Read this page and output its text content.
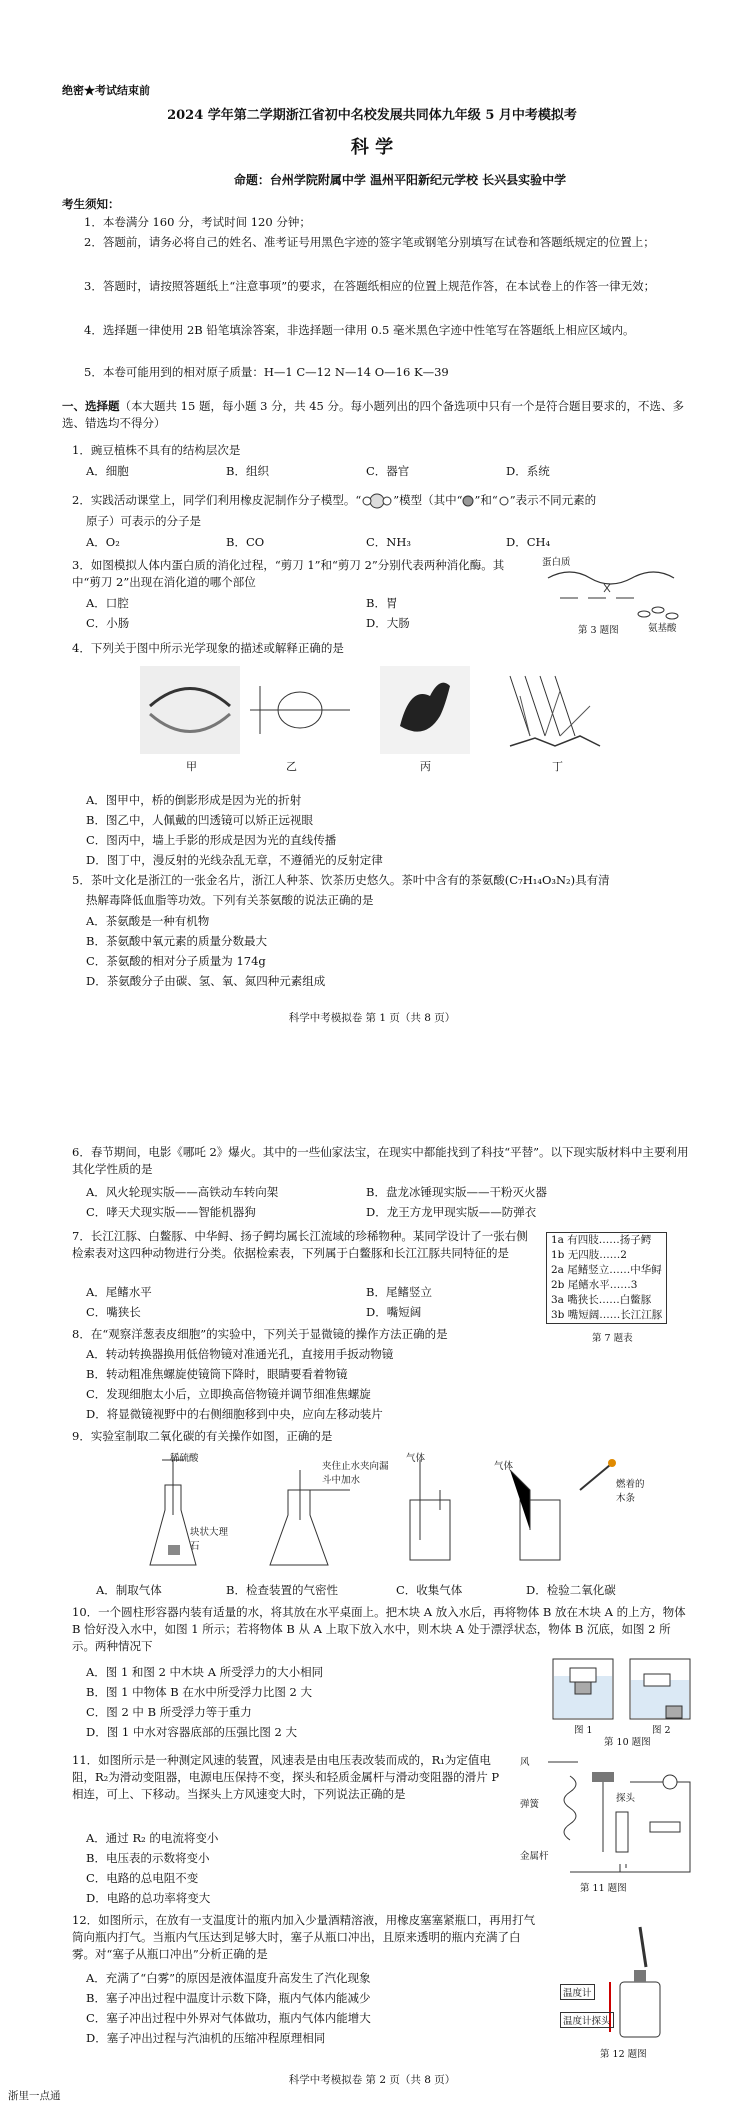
绝密★考试结束前
2024 学年第二学期浙江省初中名校发展共同体九年级 5 月中考模拟考
科 学
命题：台州学院附属中学 温州平阳新纪元学校 长兴县实验中学
考生须知：
1．本卷满分 160 分，考试时间 120 分钟；
2．答题前，请务必将自己的姓名、准考证号用黑色字迹的签字笔或钢笔分别填写在试卷和答题纸规定的位置上；
3．答题时，请按照答题纸上“注意事项”的要求，在答题纸相应的位置上规范作答，在本试卷上的作答一律无效；
4．选择题一律使用 2B 铅笔填涂答案，非选择题一律用 0.5 毫米黑色字迹中性笔写在答题纸上相应区域内。
5．本卷可能用到的相对原子质量：H—1 C—12 N—14 O—16 K—39
一、选择题（本大题共 15 题，每小题 3 分，共 45 分。每小题列出的四个备选项中只有一个是符合题目要求的，不选、多选、错选均不得分）
1．豌豆植株不具有的结构层次是
A．细胞	B．组织	C．器官	D．系统
2．实践活动课堂上，同学们利用橡皮泥制作分子模型。“	”模型（其中“ ”和“ ”表示不同元素的
原子）可表示的分子是
A．O₂	B．CO	C．NH₃	D．CH₄
3．如图模拟人体内蛋白质的消化过程，“剪刀 1”和“剪刀 2”分别代表两种消化酶。其中“剪刀 2”出现在消化道的哪个部位
A．口腔	B．胃
C．小肠	D．大肠
蛋白质
氨基酸
第 3 题图
4．下列关于图中所示光学现象的描述或解释正确的是
甲	乙	丙	丁
A．图甲中，桥的倒影形成是因为光的折射
B．图乙中，人佩戴的凹透镜可以矫正远视眼
C．图丙中，墙上手影的形成是因为光的直线传播
D．图丁中，漫反射的光线杂乱无章，不遵循光的反射定律
5．茶叶文化是浙江的一张金名片，浙江人种茶、饮茶历史悠久。茶叶中含有的茶氨酸(C₇H₁₄O₃N₂)具有清
热解毒降低血脂等功效。下列有关茶氨酸的说法正确的是
A．茶氨酸是一种有机物
B．茶氨酸中氧元素的质量分数最大
C．茶氨酸的相对分子质量为 174g
D．茶氨酸分子由碳、氢、氧、氮四种元素组成
科学中考模拟卷 第 1 页（共 8 页）
6．春节期间，电影《哪吒 2》爆火。其中的一些仙家法宝，在现实中都能找到了科技“平替”。以下现实版材料中主要利用其化学性质的是
A．风火轮现实版——高铁动车转向架	B．盘龙冰锤现实版——干粉灭火器
C．哮天犬现实版——智能机器狗	D．龙王方龙甲现实版——防弹衣
7．长江江豚、白鳖豚、中华鲟、扬子鳄均属长江流域的珍稀物种。某同学设计了一张右侧检索表对这四种动物进行分类。依据检索表，下列属于白鳖豚和长江江豚共同特征的是
A．尾鳍水平	B．尾鳍竖立
C．嘴狭长	D．嘴短阔
1a 有四肢……扬子鳄
1b 无四肢……2
2a 尾鳍竖立……中华鲟
2b 尾鳍水平……3
3a 嘴狭长……白鳖豚
3b 嘴短阔……长江江豚
第 7 题表
8．在“观察洋葱表皮细胞”的实验中，下列关于显微镜的操作方法正确的是
A．转动转换器换用低倍物镜对准通光孔，直接用手扳动物镜
B．转动粗准焦螺旋使镜筒下降时，眼睛要看着物镜
C．发现细胞太小后，立即换高倍物镜并调节细准焦螺旋
D．将显微镜视野中的右侧细胞移到中央，应向左移动装片
9．实验室制取二氧化碳的有关操作如图，正确的是
稀硫酸
块状大理石
夹住止水夹向漏斗中加水
气体
气体
燃着的木条
A．制取气体	B．检查装置的气密性	C．收集气体	D．检验二氧化碳
10．一个圆柱形容器内装有适量的水，将其放在水平桌面上。把木块 A 放入水后，再将物体 B 放在木块 A 的上方，物体 B 恰好没入水中，如图 1 所示；若将物体 B 从 A 上取下放入水中，则木块 A 处于漂浮状态，物体 B 沉底，如图 2 所示。两种情况下
A．图 1 和图 2 中木块 A 所受浮力的大小相同
B．图 1 中物体 B 在水中所受浮力比图 2 大
C．图 2 中 B 所受浮力等于重力
D．图 1 中水对容器底部的压强比图 2 大	图 1	图 2
第 10 题图
11．如图所示是一种测定风速的装置，风速表是由电压表改装而成的，R₁为定值电阻，R₂为滑动变阻器，电源电压保持不变，探头和轻质金属杆与滑动变阻器的滑片 P 相连，可上、下移动。当探头上方风速变大时，下列说法正确的是
A．通过 R₂ 的电流将变小
B．电压表的示数将变小
C．电路的总电阻不变
D．电路的总功率将变大
风
弹簧
探头
金属杆
第 11 题图
12．如图所示，在放有一支温度计的瓶内加入少量酒精溶液，用橡皮塞塞紧瓶口，再用打气筒向瓶内打气。当瓶内气压达到足够大时，塞子从瓶口冲出，且原来透明的瓶内充满了白雾。对“塞子从瓶口冲出”分析正确的是
A．充满了“白雾”的原因是液体温度升高发生了汽化现象
B．塞子冲出过程中温度计示数下降，瓶内气体内能减少
C．塞子冲出过程中外界对气体做功，瓶内气体内能增大
D．塞子冲出过程与汽油机的压缩冲程原理相同
温度计
温度计探头
第 12 题图
科学中考模拟卷 第 2 页（共 8 页）
浙里一点通
